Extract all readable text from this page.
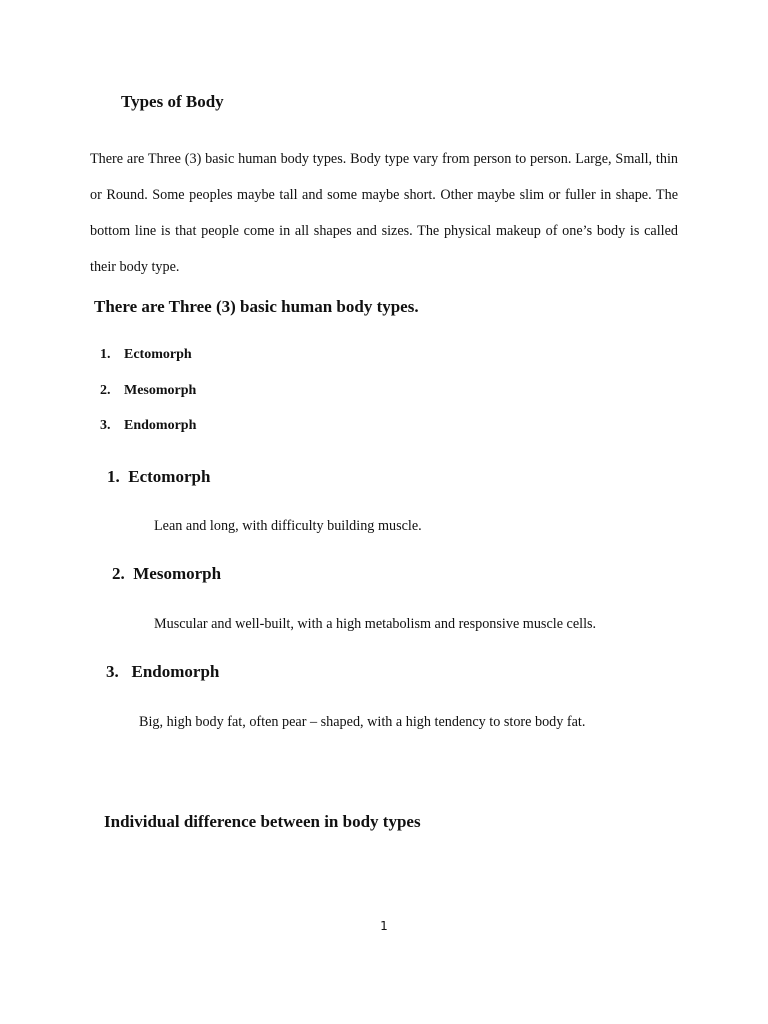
Types of Body

There are Three (3) basic human body types. Body type vary from person to person. Large, Small, thin or Round. Some peoples maybe tall and some maybe short. Other maybe slim or fuller in shape. The bottom line is that people come in all shapes and sizes. The physical makeup of one’s body is called their body type.

There are Three (3) basic human body types.
1. Ectomorph
2. Mesomorph
3. Endomorph
1. Ectomorph

Lean and long, with difficulty building muscle.

2. Mesomorph

Muscular and well-built, with a high metabolism and responsive muscle cells.

3. Endomorph

Big, high body fat, often pear – shaped, with a high tendency to store body fat.

Individual difference between in body types
1
